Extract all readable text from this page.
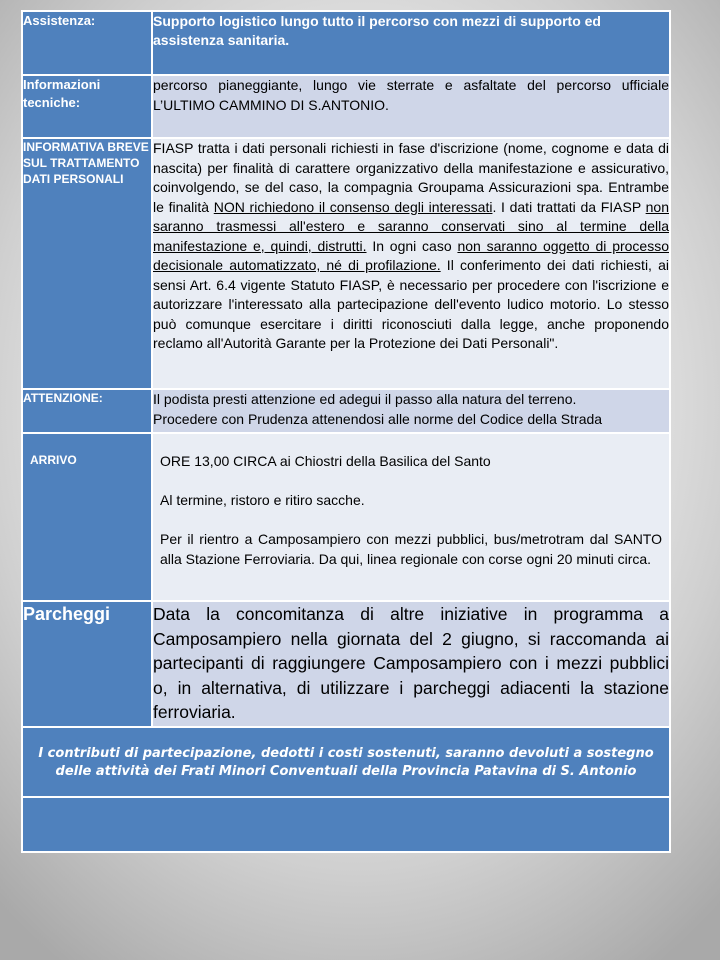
Assistenza:	Supporto logistico lungo tutto il percorso con mezzi di supporto ed assistenza sanitaria.
Informazioni tecniche:	percorso pianeggiante, lungo vie sterrate e asfaltate del percorso ufficiale L’ULTIMO CAMMINO DI S.ANTONIO.
INFORMATIVA BREVE SUL TRATTAMENTO DATI PERSONALI	FIASP tratta i dati personali richiesti in fase d'iscrizione (nome, cognome e data di nascita) per finalità di carattere organizzativo della manifestazione e assicurativo, coinvolgendo, se del caso, la compagnia Groupama Assicurazioni spa. Entrambe le finalità NON richiedono il consenso degli interessati. I dati trattati da FIASP non saranno trasmessi all'estero e saranno conservati sino al termine della manifestazione e, quindi, distrutti. In ogni caso non saranno oggetto di processo decisionale automatizzato, né di profilazione. Il conferimento dei dati richiesti, ai sensi Art. 6.4 vigente Statuto FIASP, è necessario per procedere con l'iscrizione e autorizzare l'interessato alla partecipazione dell'evento ludico motorio. Lo stesso può comunque esercitare i diritti riconosciuti dalla legge, anche proponendo reclamo all'Autorità Garante per la Protezione dei Dati Personali".

ATTENZIONE:	Il podista presti attenzione ed adegui il passo alla natura del terreno.

Procedere con Prudenza attenendosi alle norme del Codice della Strada

ARRIVO	ORE 13,00 CIRCA ai Chiostri della Basilica del Santo

Al termine, ristoro e ritiro sacche.

Per il rientro a Camposampiero con mezzi pubblici, bus/metrotram dal SANTO alla Stazione Ferroviaria. Da qui, linea regionale con corse ogni 20 minuti circa.

Parcheggi	Data la concomitanza di altre iniziative in programma a Camposampiero nella giornata del 2 giugno, si raccomanda ai partecipanti di raggiungere Camposampiero con i mezzi pubblici o, in alternativa, di utilizzare i parcheggi adiacenti la stazione ferroviaria.

I contributi di partecipazione, dedotti i costi sostenuti, saranno devoluti a sostegno

delle attività dei Frati Minori Conventuali della Provincia Patavina di S. Antonio	
